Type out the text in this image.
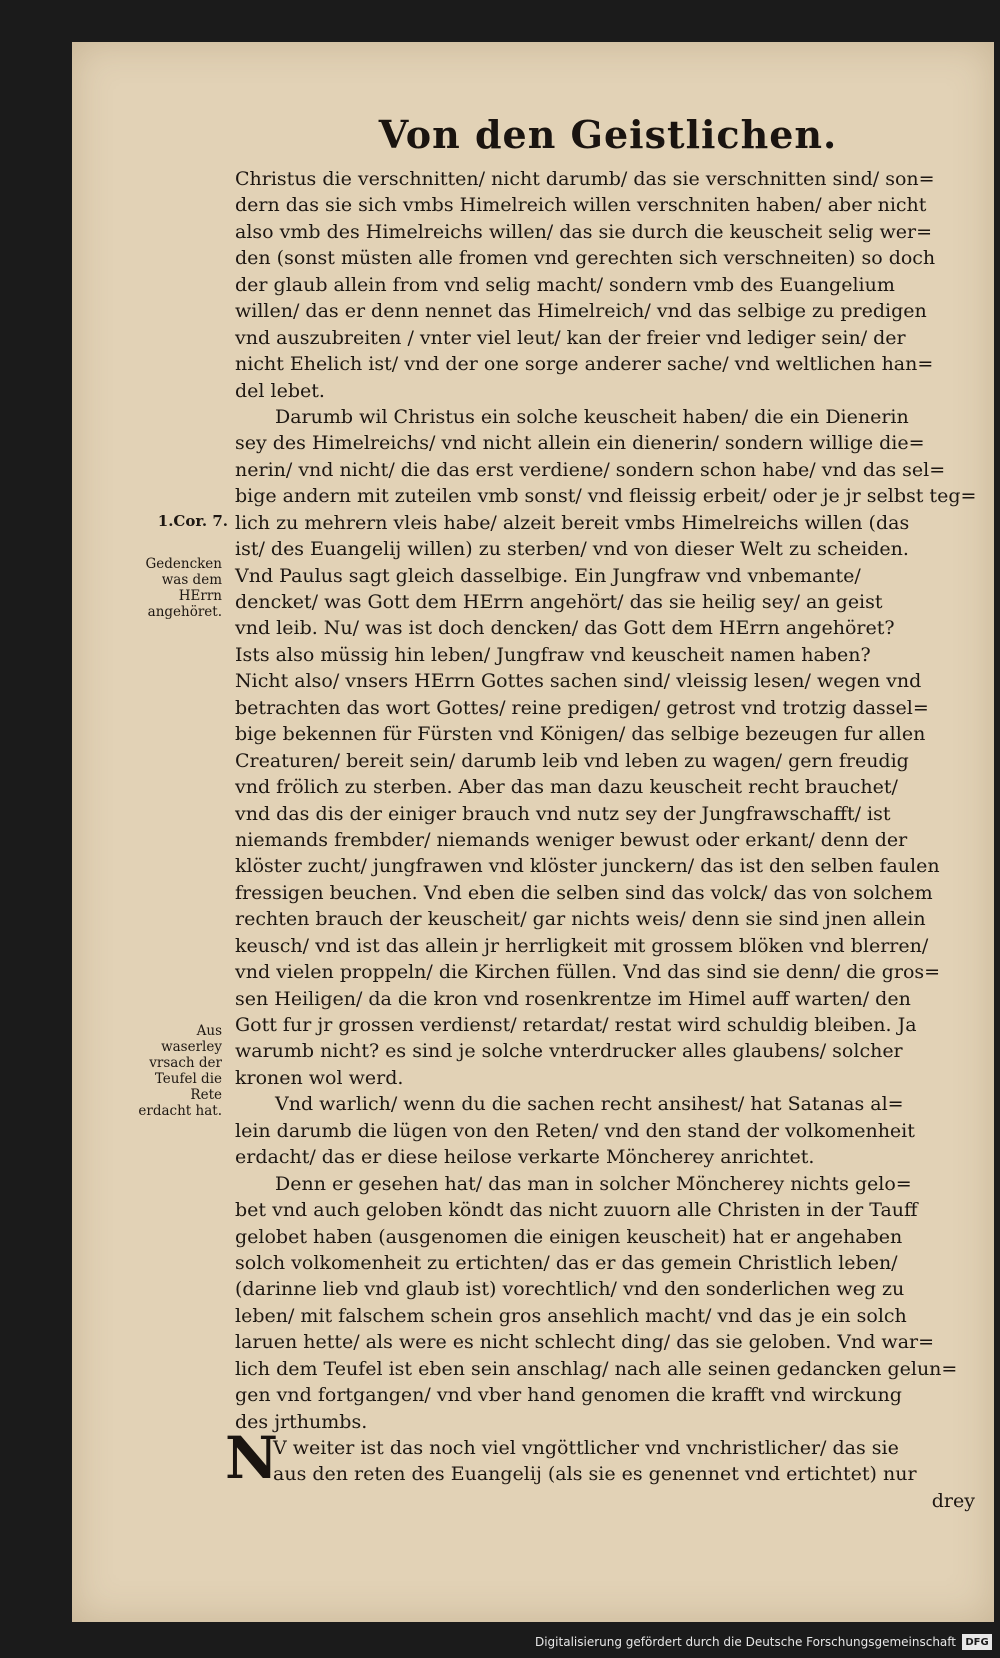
Von den Geistlichen.
1.Cor. 7.
Gedencken was dem HErrn angehöret.
Aus waserley vrsach der Teufel die Rete erdacht hat.
Christus die verschnitten/ nicht darumb/ das sie verschnitten sind/ son=
dern das sie sich vmbs Himelreich willen verschniten haben/ aber nicht
also vmb des Himelreichs willen/ das sie durch die keuscheit selig wer=
den (sonst müsten alle fromen vnd gerechten sich verschneiten) so doch
der glaub allein from vnd selig macht/ sondern vmb des Euangelium
willen/ das er denn nennet das Himelreich/ vnd das selbige zu predigen
vnd auszubreiten / vnter viel leut/ kan der freier vnd lediger sein/ der
nicht Ehelich ist/ vnd der one sorge anderer sache/ vnd weltlichen han=
del lebet.
Darumb wil Christus ein solche keuscheit haben/ die ein Dienerin
sey des Himelreichs/ vnd nicht allein ein dienerin/ sondern willige die=
nerin/ vnd nicht/ die das erst verdiene/ sondern schon habe/ vnd das sel=
bige andern mit zuteilen vmb sonst/ vnd fleissig erbeit/ oder je jr selbst teg=
lich zu mehrern vleis habe/ alzeit bereit vmbs Himelreichs willen (das
ist/ des Euangelij willen) zu sterben/ vnd von dieser Welt zu scheiden.
Vnd Paulus sagt gleich dasselbige. Ein Jungfraw vnd vnbemante/
dencket/ was Gott dem HErrn angehört/ das sie heilig sey/ an geist
vnd leib. Nu/ was ist doch dencken/ das Gott dem HErrn angehöret?
Ists also müssig hin leben/ Jungfraw vnd keuscheit namen haben?
Nicht also/ vnsers HErrn Gottes sachen sind/ vleissig lesen/ wegen vnd
betrachten das wort Gottes/ reine predigen/ getrost vnd trotzig dassel=
bige bekennen für Fürsten vnd Königen/ das selbige bezeugen fur allen
Creaturen/ bereit sein/ darumb leib vnd leben zu wagen/ gern freudig
vnd frölich zu sterben. Aber das man dazu keuscheit recht brauchet/
vnd das dis der einiger brauch vnd nutz sey der Jungfrawschafft/ ist
niemands frembder/ niemands weniger bewust oder erkant/ denn der
klöster zucht/ jungfrawen vnd klöster junckern/ das ist den selben faulen
fressigen beuchen. Vnd eben die selben sind das volck/ das von solchem
rechten brauch der keuscheit/ gar nichts weis/ denn sie sind jnen allein
keusch/ vnd ist das allein jr herrligkeit mit grossem blöken vnd blerren/
vnd vielen proppeln/ die Kirchen füllen. Vnd das sind sie denn/ die gros=
sen Heiligen/ da die kron vnd rosenkrentze im Himel auff warten/ den
Gott fur jr grossen verdienst/ retardat/ restat wird schuldig bleiben. Ja
warumb nicht? es sind je solche vnterdrucker alles glaubens/ solcher
kronen wol werd.
Vnd warlich/ wenn du die sachen recht ansihest/ hat Satanas al=
lein darumb die lügen von den Reten/ vnd den stand der volkomenheit
erdacht/ das er diese heilose verkarte Möncherey anrichtet.
Denn er gesehen hat/ das man in solcher Möncherey nichts gelo=
bet vnd auch geloben köndt das nicht zuuorn alle Christen in der Tauff
gelobet haben (ausgenomen die einigen keuscheit) hat er angehaben
solch volkomenheit zu ertichten/ das er das gemein Christlich leben/
(darinne lieb vnd glaub ist) vorechtlich/ vnd den sonderlichen weg zu
leben/ mit falschem schein gros ansehlich macht/ vnd das je ein solch
laruen hette/ als were es nicht schlecht ding/ das sie geloben. Vnd war=
lich dem Teufel ist eben sein anschlag/ nach alle seinen gedancken gelun=
gen vnd fortgangen/ vnd vber hand genomen die krafft vnd wirckung
des jrthumbs.
N
V weiter ist das noch viel vngöttlicher vnd vnchristlicher/ das sie
aus den reten des Euangelij (als sie es genennet vnd ertichtet) nur
drey
Digitalisierung gefördert durch die Deutsche Forschungsgemeinschaft DFG
